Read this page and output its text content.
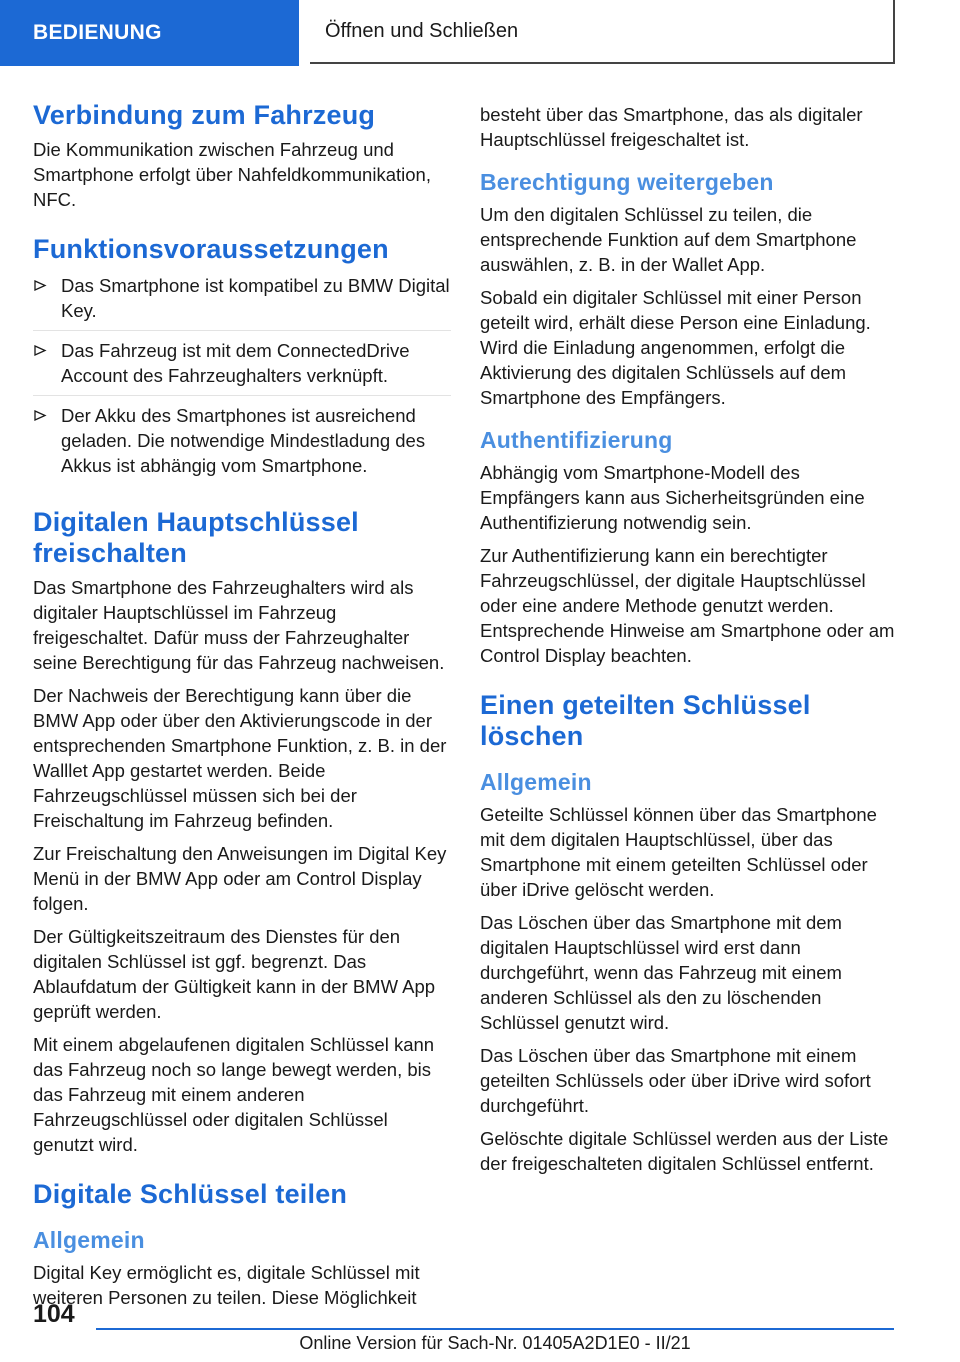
BEDIENUNG	Öffnen und Schließen
Verbindung zum Fahrzeug

Die Kommunikation zwischen Fahrzeug und Smartphone erfolgt über Nahfeldkommunikation, NFC.

Funktionsvoraussetzungen
Das Smartphone ist kompatibel zu BMW Digital Key.
Das Fahrzeug ist mit dem ConnectedDrive Account des Fahrzeughalters verknüpft.
Der Akku des Smartphones ist ausreichend geladen. Die notwendige Mindestladung des Akkus ist abhängig vom Smartphone.
Digitalen Hauptschlüssel freischalten

Das Smartphone des Fahrzeughalters wird als digitaler Hauptschlüssel im Fahrzeug freigeschaltet. Dafür muss der Fahrzeughalter seine Berechtigung für das Fahrzeug nachweisen.

Der Nachweis der Berechtigung kann über die BMW App oder über den Aktivierungscode in der entsprechenden Smartphone Funktion, z. B. in der Walllet App gestartet werden. Beide Fahrzeugschlüssel müssen sich bei der Freischaltung im Fahrzeug befinden.

Zur Freischaltung den Anweisungen im Digital Key Menü in der BMW App oder am Control Display folgen.

Der Gültigkeitszeitraum des Dienstes für den digitalen Schlüssel ist ggf. begrenzt. Das Ablaufdatum der Gültigkeit kann in der BMW App geprüft werden.

Mit einem abgelaufenen digitalen Schlüssel kann das Fahrzeug noch so lange bewegt werden, bis das Fahrzeug mit einem anderen Fahrzeugschlüssel oder digitalen Schlüssel genutzt wird.

Digitale Schlüssel teilen
Allgemein

Digital Key ermöglicht es, digitale Schlüssel mit weiteren Personen zu teilen. Diese Möglichkeit

besteht über das Smartphone, das als digitaler Hauptschlüssel freigeschaltet ist.

Berechtigung weitergeben

Um den digitalen Schlüssel zu teilen, die entsprechende Funktion auf dem Smartphone auswählen, z. B. in der Wallet App.

Sobald ein digitaler Schlüssel mit einer Person geteilt wird, erhält diese Person eine Einladung. Wird die Einladung angenommen, erfolgt die Aktivierung des digitalen Schlüssels auf dem Smartphone des Empfängers.

Authentifizierung

Abhängig vom Smartphone-Modell des Empfängers kann aus Sicherheitsgründen eine Authentifizierung notwendig sein.

Zur Authentifizierung kann ein berechtigter Fahrzeugschlüssel, der digitale Hauptschlüssel oder eine andere Methode genutzt werden. Entsprechende Hinweise am Smartphone oder am Control Display beachten.

Einen geteilten Schlüssel löschen
Allgemein

Geteilte Schlüssel können über das Smartphone mit dem digitalen Hauptschlüssel, über das Smartphone mit einem geteilten Schlüssel oder über iDrive gelöscht werden.

Das Löschen über das Smartphone mit dem digitalen Hauptschlüssel wird erst dann durchgeführt, wenn das Fahrzeug mit einem anderen Schlüssel als den zu löschenden Schlüssel genutzt wird.

Das Löschen über das Smartphone mit einem geteilten Schlüssels oder über iDrive wird sofort durchgeführt.

Gelöschte digitale Schlüssel werden aus der Liste der freigeschalteten digitalen Schlüssel entfernt.

104
Online Version für Sach-Nr. 01405A2D1E0 - II/21
